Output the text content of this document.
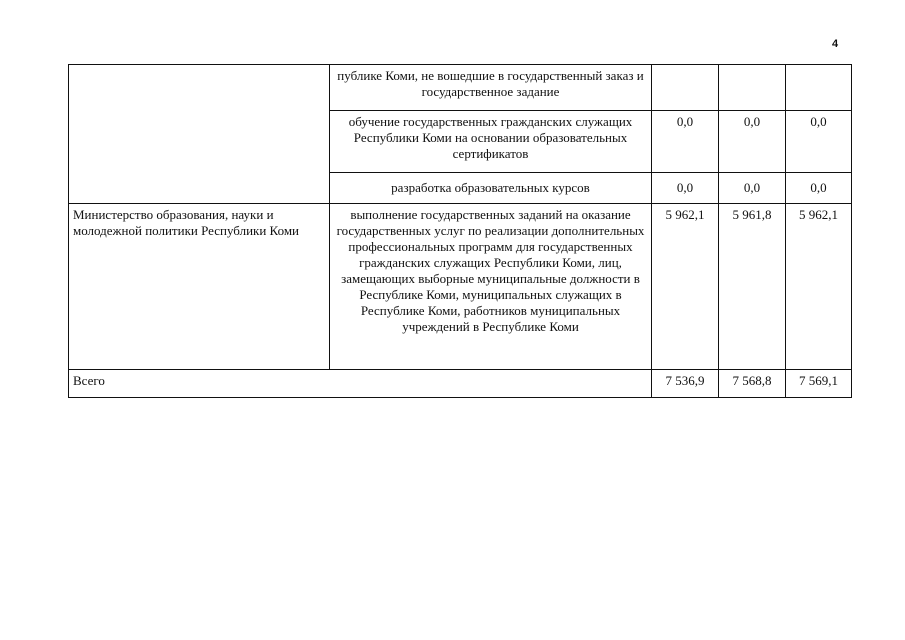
4
	публике Коми, не вошедшие в государственный заказ и государственное задание			
	обучение государственных гражданских служащих Республики Коми на основании образовательных сертификатов	0,0	0,0	0,0
	разработка образовательных курсов	0,0	0,0	0,0
Министерство образования, науки и молодежной политики Республики Коми	выполнение государственных заданий на оказание государственных услуг по реализации дополнительных профессиональных программ для государственных гражданских служащих Республики Коми, лиц, замещающих выборные муниципальные должности в Республике Коми, муниципальных служащих в Республике Коми, работников муниципальных учреждений в Республике Коми	5 962,1	5 961,8	5 962,1
Всего		7 536,9	7 568,8	7 569,1
